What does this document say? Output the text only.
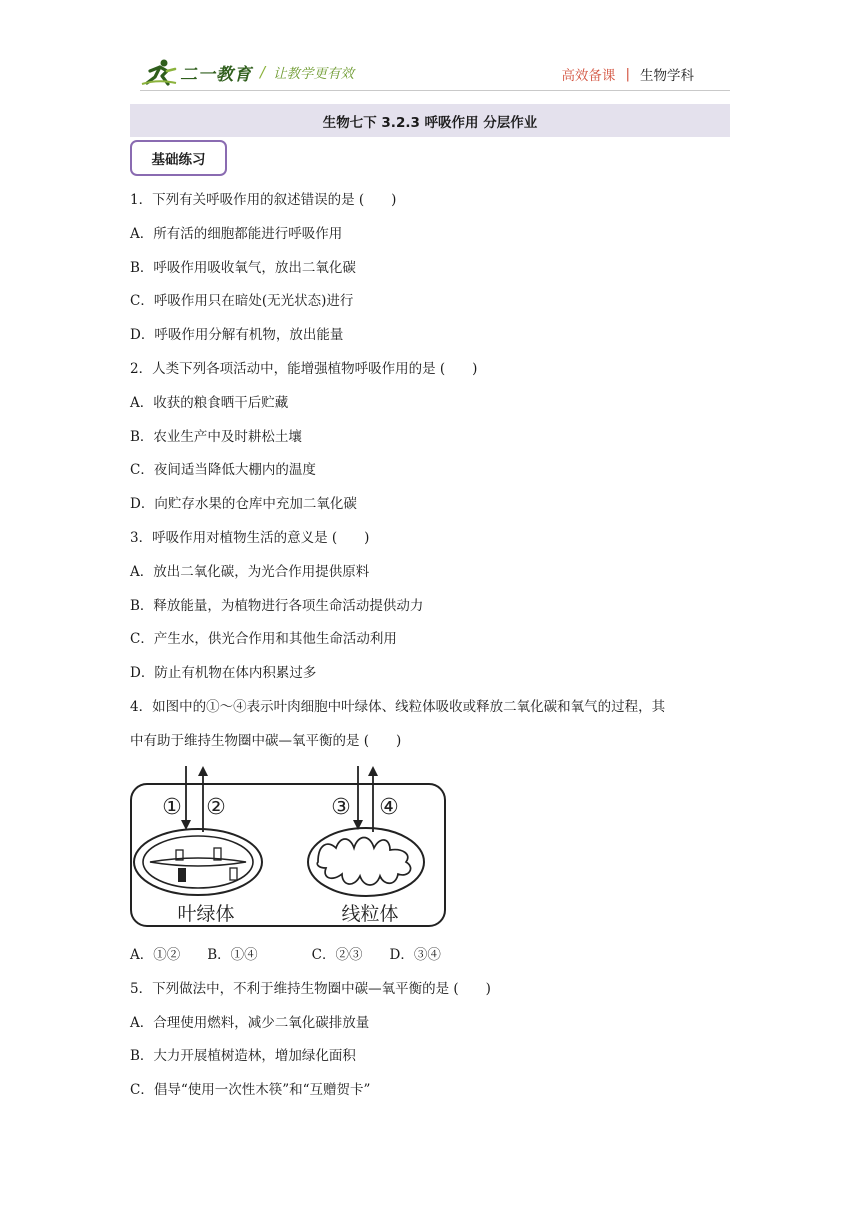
二一教育 / 让教学更有效	高效备课 | 生物学科
生物七下 3.2.3 呼吸作用 分层作业
基础练习
1．下列有关呼吸作用的叙述错误的是 (　　)
A．所有活的细胞都能进行呼吸作用
B．呼吸作用吸收氧气，放出二氧化碳
C．呼吸作用只在暗处(无光状态)进行
D．呼吸作用分解有机物，放出能量
2．人类下列各项活动中，能增强植物呼吸作用的是 (　　)
A．收获的粮食晒干后贮藏
B．农业生产中及时耕松土壤
C．夜间适当降低大棚内的温度
D．向贮存水果的仓库中充加二氧化碳
3．呼吸作用对植物生活的意义是 (　　)
A．放出二氧化碳，为光合作用提供原料
B．释放能量，为植物进行各项生命活动提供动力
C．产生水，供光合作用和其他生命活动利用
D．防止有机物在体内积累过多
4．如图中的①～④表示叶肉细胞中叶绿体、线粒体吸收或释放二氧化碳和氧气的过程，其
中有助于维持生物圈中碳—氧平衡的是 (　　)
① ②	③ ④
叶绿体	线粒体
A．①②　　B．①④　　　　C．②③　　D．③④
5．下列做法中，不利于维持生物圈中碳—氧平衡的是 (　　)
A．合理使用燃料，减少二氧化碳排放量
B．大力开展植树造林，增加绿化面积
C．倡导“使用一次性木筷”和“互赠贺卡”
